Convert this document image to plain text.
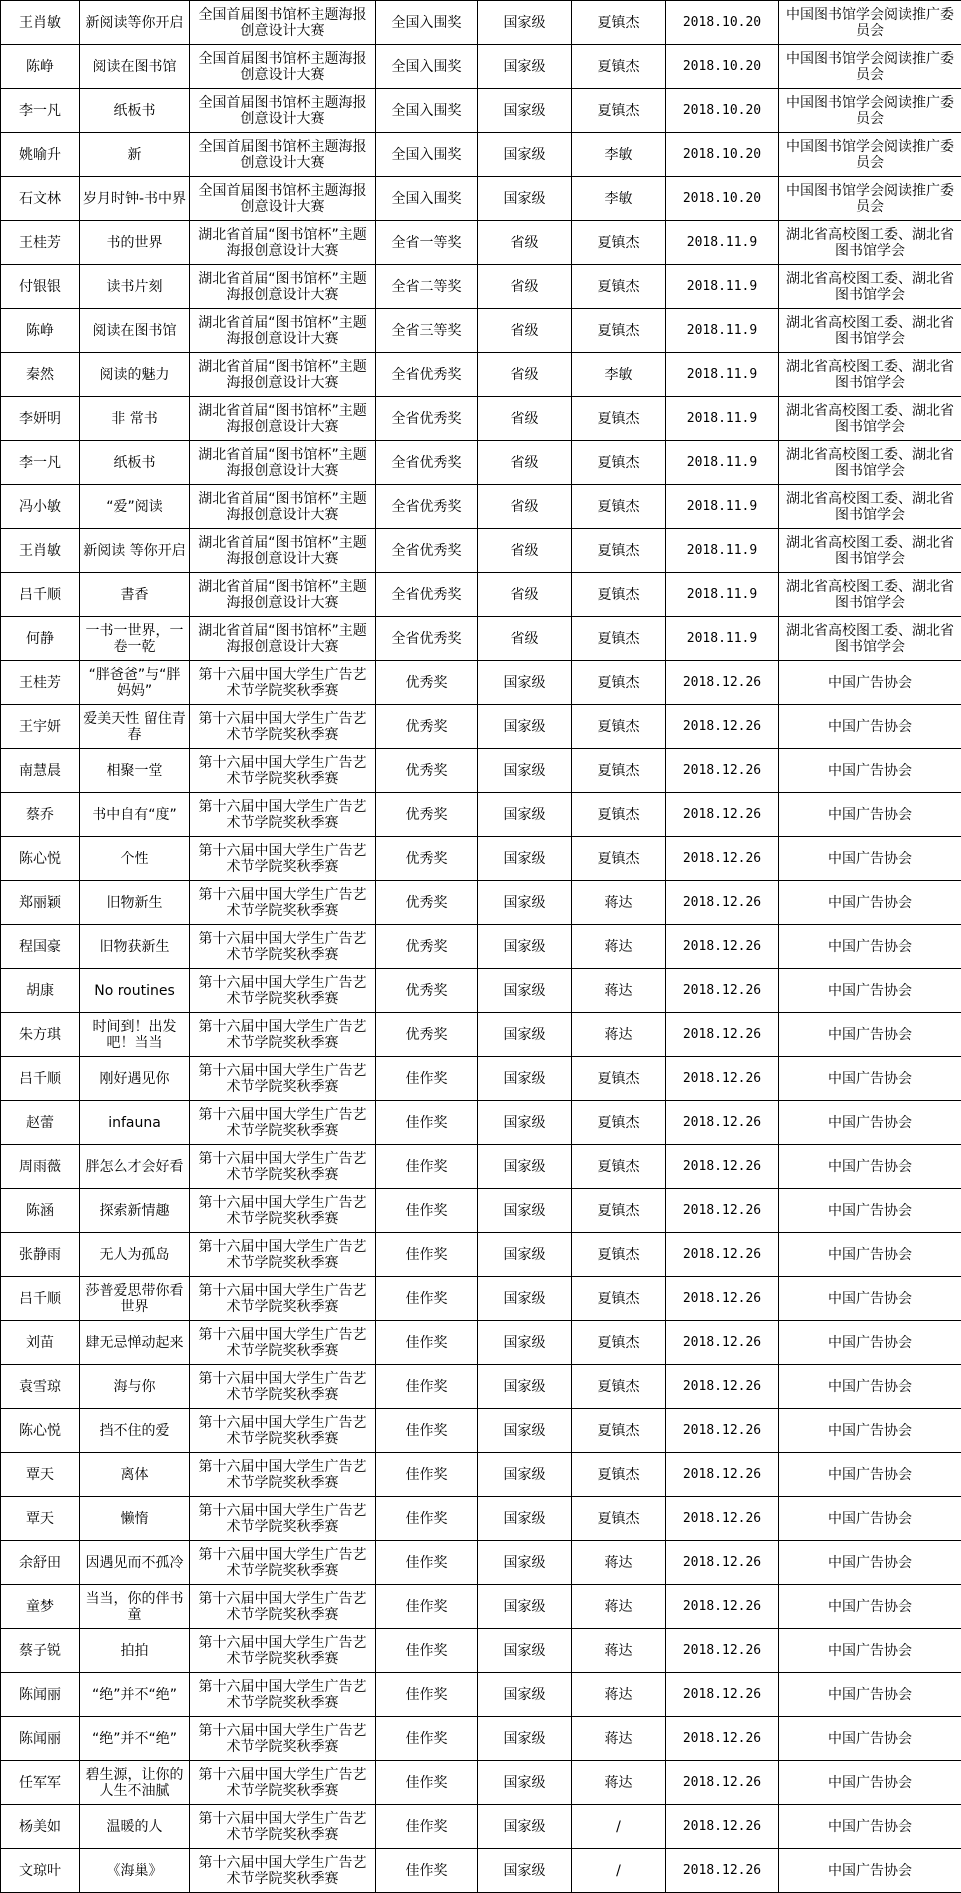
王肖敏	新阅读等你开启	全国首届图书馆杯主题海报创意设计大赛	全国入围奖	国家级	夏镇杰	2018.10.20	中国图书馆学会阅读推广委员会
陈峥	阅读在图书馆	全国首届图书馆杯主题海报创意设计大赛	全国入围奖	国家级	夏镇杰	2018.10.20	中国图书馆学会阅读推广委员会
李一凡	纸板书	全国首届图书馆杯主题海报创意设计大赛	全国入围奖	国家级	夏镇杰	2018.10.20	中国图书馆学会阅读推广委员会
姚喻升	新	全国首届图书馆杯主题海报创意设计大赛	全国入围奖	国家级	李敏	2018.10.20	中国图书馆学会阅读推广委员会
石文林	岁月时钟-书中界	全国首届图书馆杯主题海报创意设计大赛	全国入围奖	国家级	李敏	2018.10.20	中国图书馆学会阅读推广委员会
王桂芳	书的世界	湖北省首届“图书馆杯”主题海报创意设计大赛	全省一等奖	省级	夏镇杰	2018.11.9	湖北省高校图工委、湖北省图书馆学会
付银银	读书片刻	湖北省首届“图书馆杯”主题海报创意设计大赛	全省二等奖	省级	夏镇杰	2018.11.9	湖北省高校图工委、湖北省图书馆学会
陈峥	阅读在图书馆	湖北省首届“图书馆杯”主题海报创意设计大赛	全省三等奖	省级	夏镇杰	2018.11.9	湖北省高校图工委、湖北省图书馆学会
秦然	阅读的魅力	湖北省首届“图书馆杯”主题海报创意设计大赛	全省优秀奖	省级	李敏	2018.11.9	湖北省高校图工委、湖北省图书馆学会
李妍明	非 常书	湖北省首届“图书馆杯”主题海报创意设计大赛	全省优秀奖	省级	夏镇杰	2018.11.9	湖北省高校图工委、湖北省图书馆学会
李一凡	纸板书	湖北省首届“图书馆杯”主题海报创意设计大赛	全省优秀奖	省级	夏镇杰	2018.11.9	湖北省高校图工委、湖北省图书馆学会
冯小敏	“爱”阅读	湖北省首届“图书馆杯”主题海报创意设计大赛	全省优秀奖	省级	夏镇杰	2018.11.9	湖北省高校图工委、湖北省图书馆学会
王肖敏	新阅读 等你开启	湖北省首届“图书馆杯”主题海报创意设计大赛	全省优秀奖	省级	夏镇杰	2018.11.9	湖北省高校图工委、湖北省图书馆学会
吕千顺	書香	湖北省首届“图书馆杯”主题海报创意设计大赛	全省优秀奖	省级	夏镇杰	2018.11.9	湖北省高校图工委、湖北省图书馆学会
何静	一书一世界，一卷一乾	湖北省首届“图书馆杯”主题海报创意设计大赛	全省优秀奖	省级	夏镇杰	2018.11.9	湖北省高校图工委、湖北省图书馆学会
王桂芳	“胖爸爸”与“胖妈妈”	第十六届中国大学生广告艺术节学院奖秋季赛	优秀奖	国家级	夏镇杰	2018.12.26	中国广告协会
王宇妍	爱美天性 留住青春	第十六届中国大学生广告艺术节学院奖秋季赛	优秀奖	国家级	夏镇杰	2018.12.26	中国广告协会
南慧晨	相聚一堂	第十六届中国大学生广告艺术节学院奖秋季赛	优秀奖	国家级	夏镇杰	2018.12.26	中国广告协会
蔡乔	书中自有“度”	第十六届中国大学生广告艺术节学院奖秋季赛	优秀奖	国家级	夏镇杰	2018.12.26	中国广告协会
陈心悦	个性	第十六届中国大学生广告艺术节学院奖秋季赛	优秀奖	国家级	夏镇杰	2018.12.26	中国广告协会
郑丽颖	旧物新生	第十六届中国大学生广告艺术节学院奖秋季赛	优秀奖	国家级	蒋达	2018.12.26	中国广告协会
程国豪	旧物获新生	第十六届中国大学生广告艺术节学院奖秋季赛	优秀奖	国家级	蒋达	2018.12.26	中国广告协会
胡康	No routines	第十六届中国大学生广告艺术节学院奖秋季赛	优秀奖	国家级	蒋达	2018.12.26	中国广告协会
朱方琪	时间到！出发吧！当当	第十六届中国大学生广告艺术节学院奖秋季赛	优秀奖	国家级	蒋达	2018.12.26	中国广告协会
吕千顺	刚好遇见你	第十六届中国大学生广告艺术节学院奖秋季赛	佳作奖	国家级	夏镇杰	2018.12.26	中国广告协会
赵蕾	infauna	第十六届中国大学生广告艺术节学院奖秋季赛	佳作奖	国家级	夏镇杰	2018.12.26	中国广告协会
周雨薇	胖怎么才会好看	第十六届中国大学生广告艺术节学院奖秋季赛	佳作奖	国家级	夏镇杰	2018.12.26	中国广告协会
陈涵	探索新情趣	第十六届中国大学生广告艺术节学院奖秋季赛	佳作奖	国家级	夏镇杰	2018.12.26	中国广告协会
张静雨	无人为孤岛	第十六届中国大学生广告艺术节学院奖秋季赛	佳作奖	国家级	夏镇杰	2018.12.26	中国广告协会
吕千顺	莎普爱思带你看世界	第十六届中国大学生广告艺术节学院奖秋季赛	佳作奖	国家级	夏镇杰	2018.12.26	中国广告协会
刘苗	肆无忌惮动起来	第十六届中国大学生广告艺术节学院奖秋季赛	佳作奖	国家级	夏镇杰	2018.12.26	中国广告协会
袁雪琼	海与你	第十六届中国大学生广告艺术节学院奖秋季赛	佳作奖	国家级	夏镇杰	2018.12.26	中国广告协会
陈心悦	挡不住的爱	第十六届中国大学生广告艺术节学院奖秋季赛	佳作奖	国家级	夏镇杰	2018.12.26	中国广告协会
覃天	离体	第十六届中国大学生广告艺术节学院奖秋季赛	佳作奖	国家级	夏镇杰	2018.12.26	中国广告协会
覃天	懒惰	第十六届中国大学生广告艺术节学院奖秋季赛	佳作奖	国家级	夏镇杰	2018.12.26	中国广告协会
余舒田	因遇见而不孤冷	第十六届中国大学生广告艺术节学院奖秋季赛	佳作奖	国家级	蒋达	2018.12.26	中国广告协会
童梦	当当，你的伴书童	第十六届中国大学生广告艺术节学院奖秋季赛	佳作奖	国家级	蒋达	2018.12.26	中国广告协会
蔡子锐	拍拍	第十六届中国大学生广告艺术节学院奖秋季赛	佳作奖	国家级	蒋达	2018.12.26	中国广告协会
陈闻丽	“绝”并不“绝”	第十六届中国大学生广告艺术节学院奖秋季赛	佳作奖	国家级	蒋达	2018.12.26	中国广告协会
陈闻丽	“绝”并不“绝”	第十六届中国大学生广告艺术节学院奖秋季赛	佳作奖	国家级	蒋达	2018.12.26	中国广告协会
任军军	碧生源，让你的人生不油腻	第十六届中国大学生广告艺术节学院奖秋季赛	佳作奖	国家级	蒋达	2018.12.26	中国广告协会
杨美如	温暖的人	第十六届中国大学生广告艺术节学院奖秋季赛	佳作奖	国家级	/	2018.12.26	中国广告协会
文琼叶	《海巢》	第十六届中国大学生广告艺术节学院奖秋季赛	佳作奖	国家级	/	2018.12.26	中国广告协会
